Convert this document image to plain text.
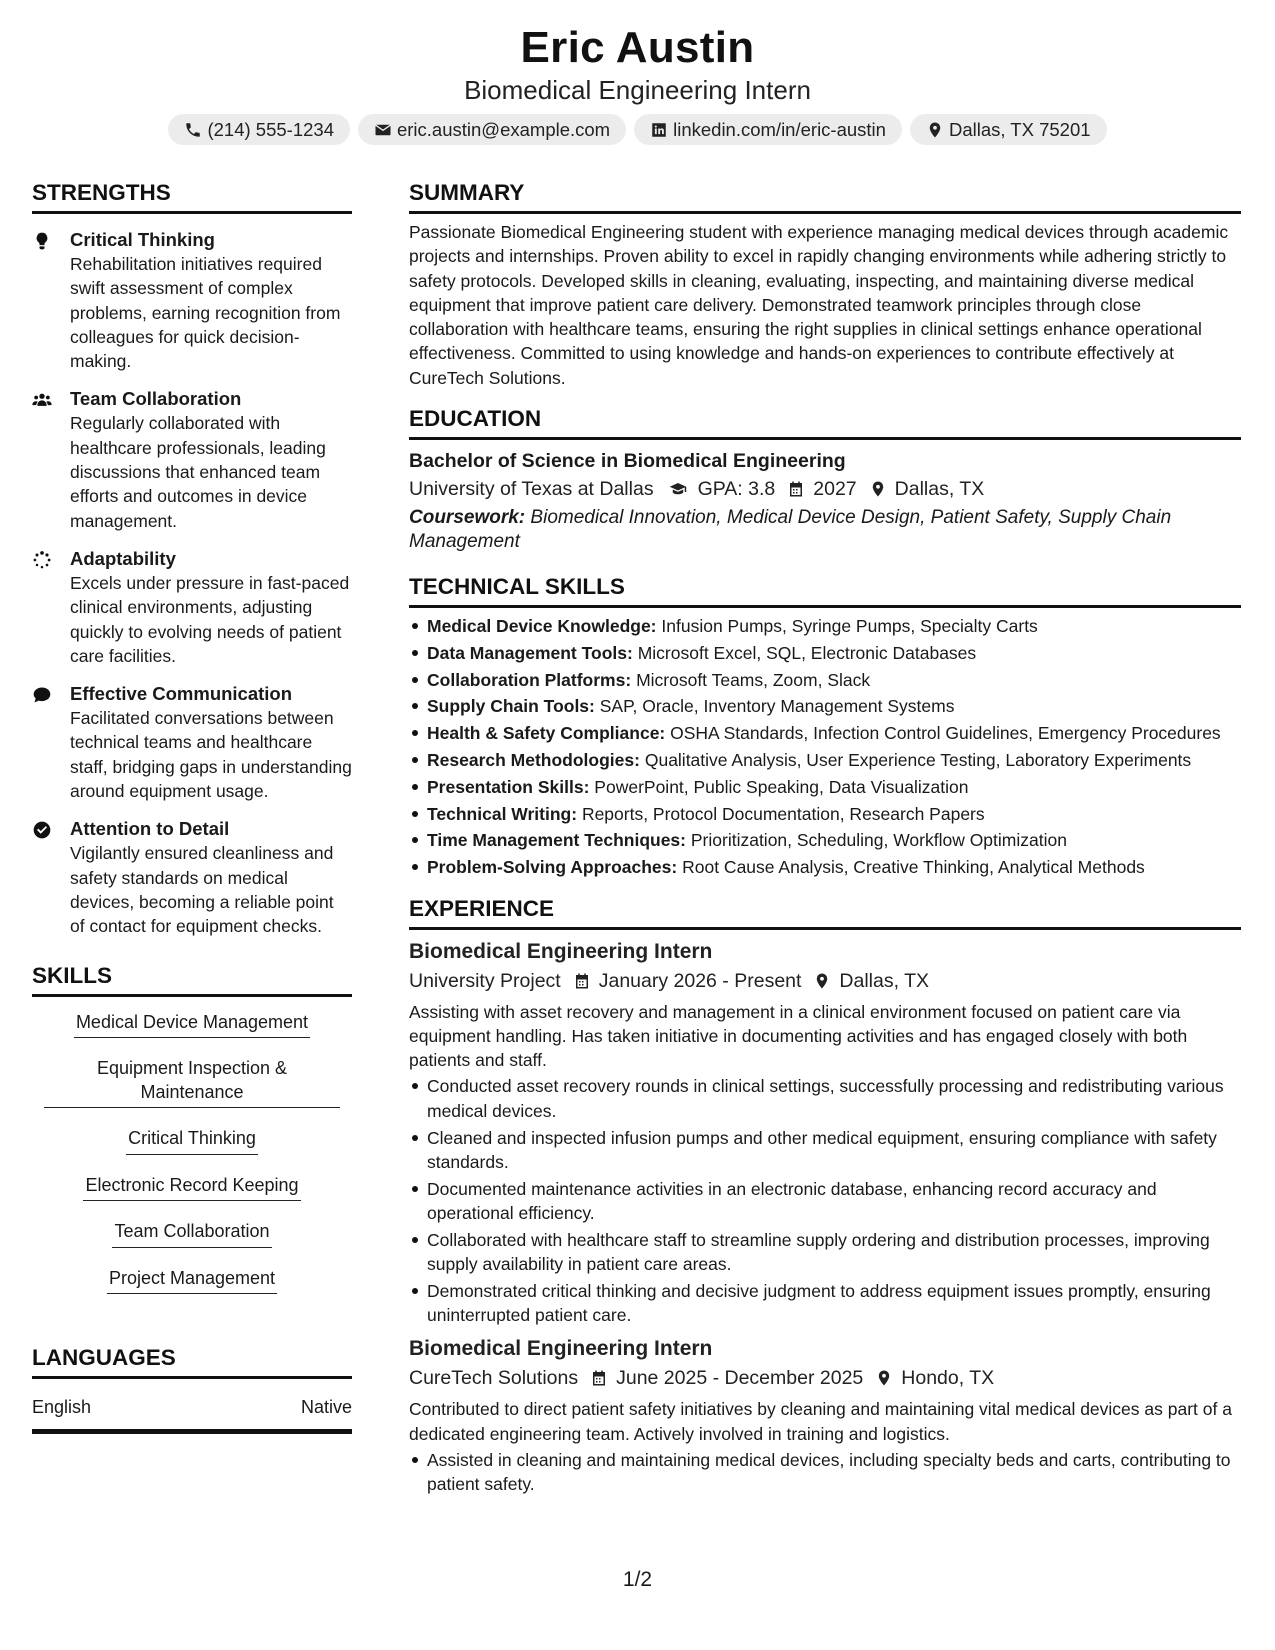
Eric Austin
Biomedical Engineering Intern
(214) 555-1234	eric.austin@example.com	linkedin.com/in/eric-austin	Dallas, TX 75201
STRENGTHS
Critical Thinking
Rehabilitation initiatives required swift assessment of complex problems, earning recognition from colleagues for quick decision-making.
Team Collaboration
Regularly collaborated with healthcare professionals, leading discussions that enhanced team efforts and outcomes in device management.
Adaptability
Excels under pressure in fast-paced clinical environments, adjusting quickly to evolving needs of patient care facilities.
Effective Communication
Facilitated conversations between technical teams and healthcare staff, bridging gaps in understanding around equipment usage.
Attention to Detail
Vigilantly ensured cleanliness and safety standards on medical devices, becoming a reliable point of contact for equipment checks.
SKILLS
Medical Device Management
Equipment Inspection & Maintenance
Critical Thinking
Electronic Record Keeping
Team Collaboration
Project Management
LANGUAGES
English	Native
SUMMARY
Passionate Biomedical Engineering student with experience managing medical devices through academic projects and internships. Proven ability to excel in rapidly changing environments while adhering strictly to safety protocols. Developed skills in cleaning, evaluating, inspecting, and maintaining diverse medical equipment that improve patient care delivery. Demonstrated teamwork principles through close collaboration with healthcare teams, ensuring the right supplies in clinical settings enhance operational effectiveness. Committed to using knowledge and hands-on experiences to contribute effectively at CureTech Solutions.
EDUCATION
Bachelor of Science in Biomedical Engineering
University of Texas at Dallas GPA: 3.8 2027 Dallas, TX
Coursework: Biomedical Innovation, Medical Device Design, Patient Safety, Supply Chain Management
TECHNICAL SKILLS
Medical Device Knowledge: Infusion Pumps, Syringe Pumps, Specialty Carts
Data Management Tools: Microsoft Excel, SQL, Electronic Databases
Collaboration Platforms: Microsoft Teams, Zoom, Slack
Supply Chain Tools: SAP, Oracle, Inventory Management Systems
Health & Safety Compliance: OSHA Standards, Infection Control Guidelines, Emergency Procedures
Research Methodologies: Qualitative Analysis, User Experience Testing, Laboratory Experiments
Presentation Skills: PowerPoint, Public Speaking, Data Visualization
Technical Writing: Reports, Protocol Documentation, Research Papers
Time Management Techniques: Prioritization, Scheduling, Workflow Optimization
Problem-Solving Approaches: Root Cause Analysis, Creative Thinking, Analytical Methods
EXPERIENCE
Biomedical Engineering Intern
University Project January 2026 - Present Dallas, TX
Assisting with asset recovery and management in a clinical environment focused on patient care via equipment handling. Has taken initiative in documenting activities and has engaged closely with both patients and staff.
Conducted asset recovery rounds in clinical settings, successfully processing and redistributing various medical devices.
Cleaned and inspected infusion pumps and other medical equipment, ensuring compliance with safety standards.
Documented maintenance activities in an electronic database, enhancing record accuracy and operational efficiency.
Collaborated with healthcare staff to streamline supply ordering and distribution processes, improving supply availability in patient care areas.
Demonstrated critical thinking and decisive judgment to address equipment issues promptly, ensuring uninterrupted patient care.
Biomedical Engineering Intern
CureTech Solutions June 2025 - December 2025 Hondo, TX
Contributed to direct patient safety initiatives by cleaning and maintaining vital medical devices as part of a dedicated engineering team. Actively involved in training and logistics.
Assisted in cleaning and maintaining medical devices, including specialty beds and carts, contributing to patient safety.
1/2
